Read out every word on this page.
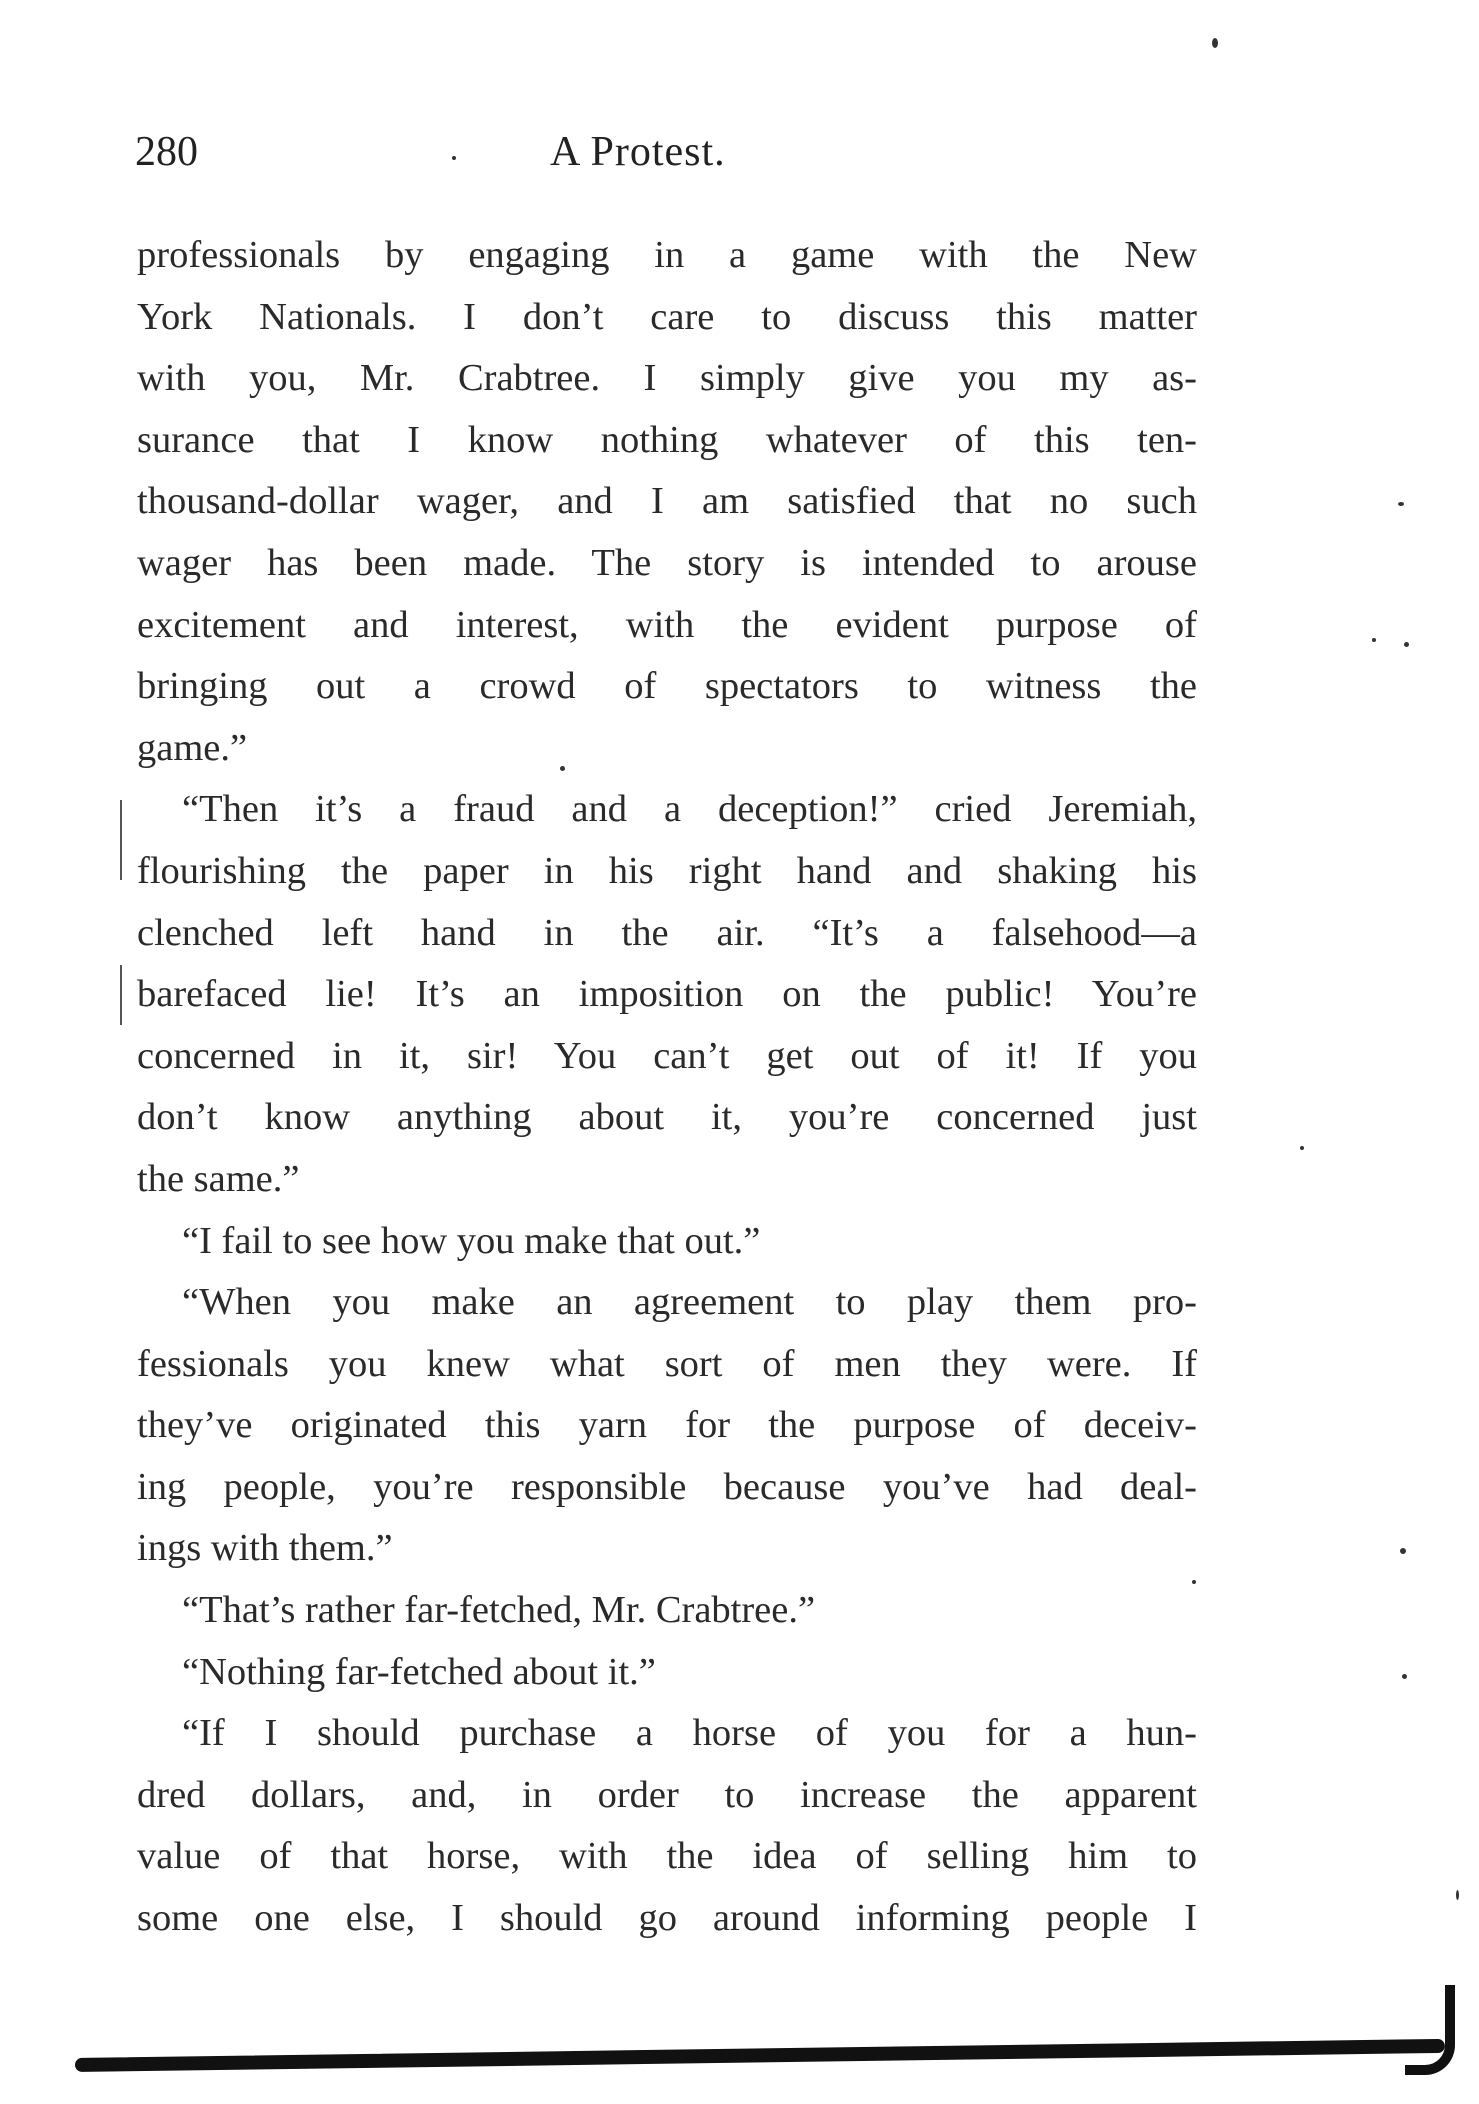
280	A Protest.
professionals by engaging in a game with the New
York Nationals. I don’t care to discuss this matter
with you, Mr. Crabtree. I simply give you my as-
surance that I know nothing whatever of this ten-
thousand-dollar wager, and I am satisfied that no such
wager has been made. The story is intended to arouse
excitement and interest, with the evident purpose of
bringing out a crowd of spectators to witness the
game.”
“Then it’s a fraud and a deception!” cried Jeremiah,
flourishing the paper in his right hand and shaking his
clenched left hand in the air. “It’s a falsehood—a
barefaced lie! It’s an imposition on the public! You’re
concerned in it, sir! You can’t get out of it! If you
don’t know anything about it, you’re concerned just
the same.”
“I fail to see how you make that out.”
“When you make an agreement to play them pro-
fessionals you knew what sort of men they were. If
they’ve originated this yarn for the purpose of deceiv-
ing people, you’re responsible because you’ve had deal-
ings with them.”
“That’s rather far-fetched, Mr. Crabtree.”
“Nothing far-fetched about it.”
“If I should purchase a horse of you for a hun-
dred dollars, and, in order to increase the apparent
value of that horse, with the idea of selling him to
some one else, I should go around informing people I
